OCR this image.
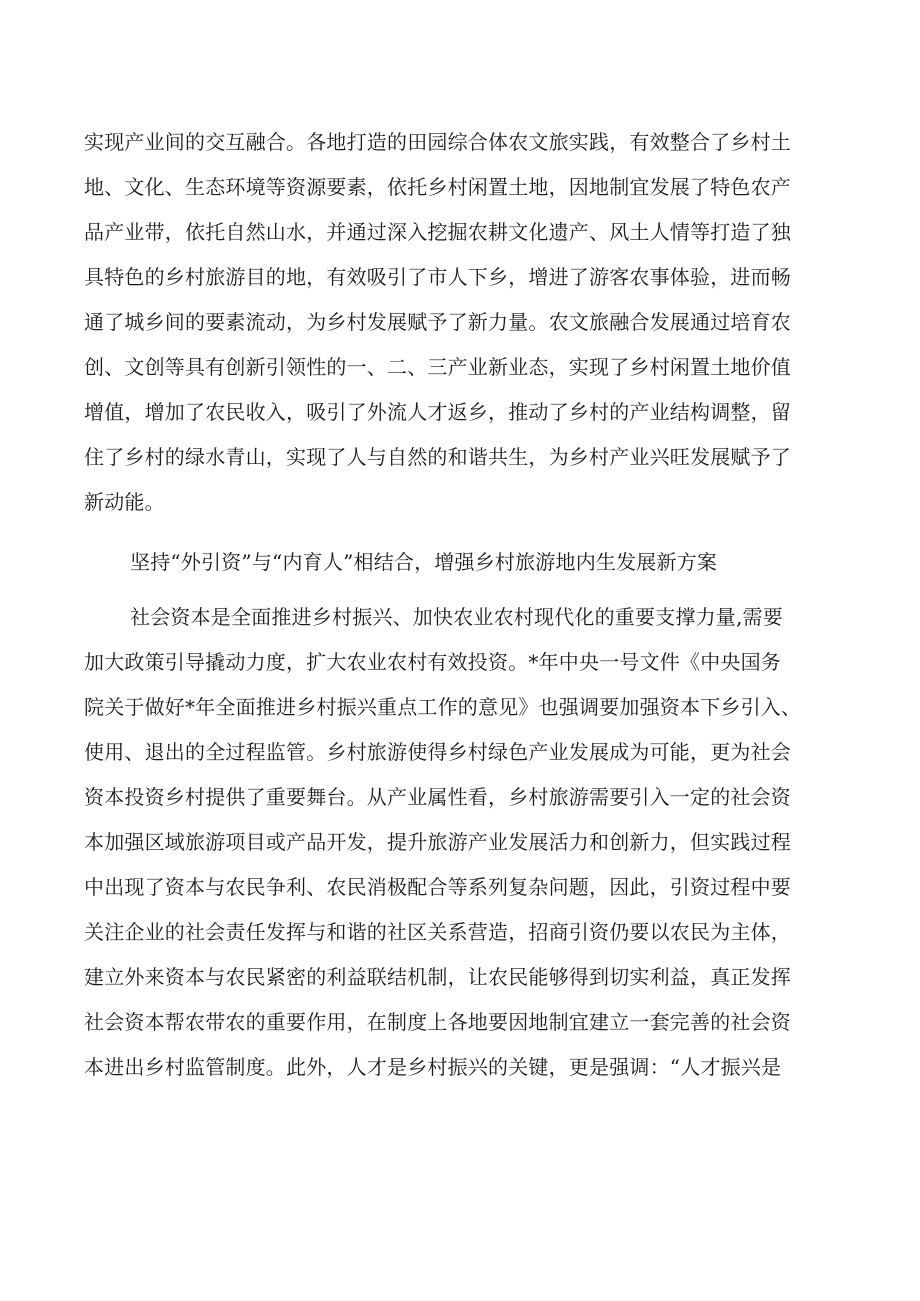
实现产业间的交互融合。各地打造的田园综合体农文旅实践，有效整合了乡村土
地、文化、生态环境等资源要素，依托乡村闲置土地，因地制宜发展了特色农产
品产业带，依托自然山水，并通过深入挖掘农耕文化遗产、风土人情等打造了独
具特色的乡村旅游目的地，有效吸引了市人下乡，增进了游客农事体验，进而畅
通了城乡间的要素流动，为乡村发展赋予了新力量。农文旅融合发展通过培育农
创、文创等具有创新引领性的一、二、三产业新业态，实现了乡村闲置土地价值
增值，增加了农民收入，吸引了外流人才返乡，推动了乡村的产业结构调整，留
住了乡村的绿水青山，实现了人与自然的和谐共生，为乡村产业兴旺发展赋予了
新动能。
坚持“外引资”与“内育人”相结合，增强乡村旅游地内生发展新方案
社会资本是全面推进乡村振兴、加快农业农村现代化的重要支撑力量,需要
加大政策引导撬动力度，扩大农业农村有效投资。*年中央一号文件《中央国务
院关于做好*年全面推进乡村振兴重点工作的意见》也强调要加强资本下乡引入、
使用、退出的全过程监管。乡村旅游使得乡村绿色产业发展成为可能，更为社会
资本投资乡村提供了重要舞台。从产业属性看，乡村旅游需要引入一定的社会资
本加强区域旅游项目或产品开发，提升旅游产业发展活力和创新力，但实践过程
中出现了资本与农民争利、农民消极配合等系列复杂问题，因此，引资过程中要
关注企业的社会责任发挥与和谐的社区关系营造，招商引资仍要以农民为主体，
建立外来资本与农民紧密的利益联结机制，让农民能够得到切实利益，真正发挥
社会资本帮农带农的重要作用，在制度上各地要因地制宜建立一套完善的社会资
本进出乡村监管制度。此外，人才是乡村振兴的关键，更是强调：“人才振兴是
